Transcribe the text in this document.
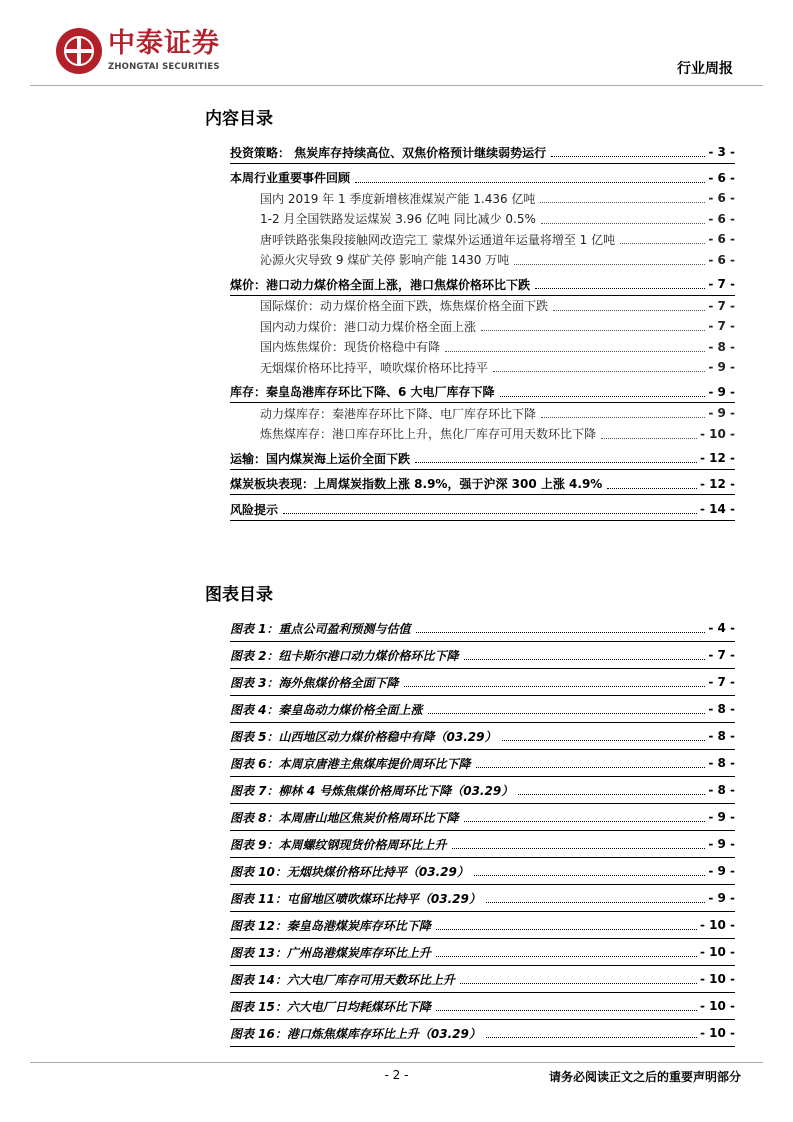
中泰证券
ZHONGTAI SECURITIES	行业周报
内容目录
投资策略： 焦炭库存持续高位、双焦价格预计继续弱势运行	- 3 -
本周行业重要事件回顾	- 6 -
国内 2019 年 1 季度新增核准煤炭产能 1.436 亿吨	- 6 -
1-2 月全国铁路发运煤炭 3.96 亿吨 同比减少 0.5%	- 6 -
唐呼铁路张集段接触网改造完工 蒙煤外运通道年运量将增至 1 亿吨	- 6 -
沁源火灾导致 9 煤矿关停 影响产能 1430 万吨	- 6 -
煤价：港口动力煤价格全面上涨，港口焦煤价格环比下跌	- 7 -
国际煤价：动力煤价格全面下跌，炼焦煤价格全面下跌	- 7 -
国内动力煤价：港口动力煤价格全面上涨	- 7 -
国内炼焦煤价：现货价格稳中有降	- 8 -
无烟煤价格环比持平，喷吹煤价格环比持平	- 9 -
库存：秦皇岛港库存环比下降、6 大电厂库存下降	- 9 -
动力煤库存：秦港库存环比下降、电厂库存环比下降	- 9 -
炼焦煤库存：港口库存环比上升，焦化厂库存可用天数环比下降	- 10 -
运输：国内煤炭海上运价全面下跌	- 12 -
煤炭板块表现：上周煤炭指数上涨 8.9%，强于沪深 300 上涨 4.9%	- 12 -
风险提示	- 14 -
图表目录
图表 1：重点公司盈利预测与估值	- 4 -
图表 2：纽卡斯尔港口动力煤价格环比下降	- 7 -
图表 3：海外焦煤价格全面下降	- 7 -
图表 4：秦皇岛动力煤价格全面上涨	- 8 -
图表 5：山西地区动力煤价格稳中有降（03.29）	- 8 -
图表 6：本周京唐港主焦煤库提价周环比下降	- 8 -
图表 7：柳林 4 号炼焦煤价格周环比下降（03.29）	- 8 -
图表 8：本周唐山地区焦炭价格周环比下降	- 9 -
图表 9：本周螺纹钢现货价格周环比上升	- 9 -
图表 10：无烟块煤价格环比持平（03.29）	- 9 -
图表 11：屯留地区喷吹煤环比持平（03.29）	- 9 -
图表 12：秦皇岛港煤炭库存环比下降	- 10 -
图表 13：广州岛港煤炭库存环比上升	- 10 -
图表 14：六大电厂库存可用天数环比上升	- 10 -
图表 15：六大电厂日均耗煤环比下降	- 10 -
图表 16：港口炼焦煤库存环比上升（03.29）	- 10 -
- 2 -	请务必阅读正文之后的重要声明部分
